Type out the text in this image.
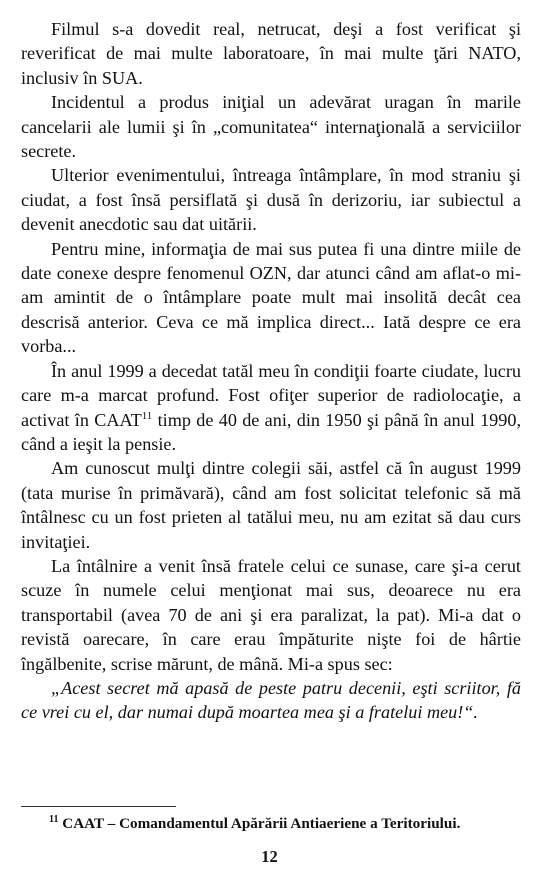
Filmul s-a dovedit real, netrucat, deşi a fost verificat şi reverificat de mai multe laboratoare, în mai multe ţări NATO, inclusiv în SUA.

Incidentul a produs iniţial un adevărat uragan în marile cancelarii ale lumii şi în „comunitatea“ internaţională a serviciilor secrete.

Ulterior evenimentului, întreaga întâmplare, în mod straniu şi ciudat, a fost însă persiflată şi dusă în derizoriu, iar subiectul a devenit anecdotic sau dat uitării.

Pentru mine, informaţia de mai sus putea fi una dintre miile de date conexe despre fenomenul OZN, dar atunci când am aflat-o mi-am amintit de o întâmplare poate mult mai insolită decât cea descrisă anterior. Ceva ce mă implica direct... Iată despre ce era vorba...

În anul 1999 a decedat tatăl meu în condiţii foarte ciudate, lucru care m-a marcat profund. Fost ofiţer superior de radiolocaţie, a activat în CAAT$^{11}$ timp de 40 de ani, din 1950 şi până în anul 1990, când a ieşit la pensie.

Am cunoscut mulţi dintre colegii săi, astfel că în august 1999 (tata murise în primăvară), când am fost solicitat telefonic să mă întâlnesc cu un fost prieten al tatălui meu, nu am ezitat să dau curs invitaţiei.

La întâlnire a venit însă fratele celui ce sunase, care şi-a cerut scuze în numele celui menţionat mai sus, deoarece nu era transportabil (avea 70 de ani şi era paralizat, la pat). Mi-a dat o revistă oarecare, în care erau împăturite nişte foi de hârtie îngălbenite, scrise mărunt, de mână. Mi-a spus sec:

„Acest secret mă apasă de peste patru decenii, eşti scriitor, fă ce vrei cu el, dar numai după moartea mea şi a fratelui meu!“.

$^{11}$ CAAT – Comandamentul Apărării Antiaeriene a Teritoriului.
12
